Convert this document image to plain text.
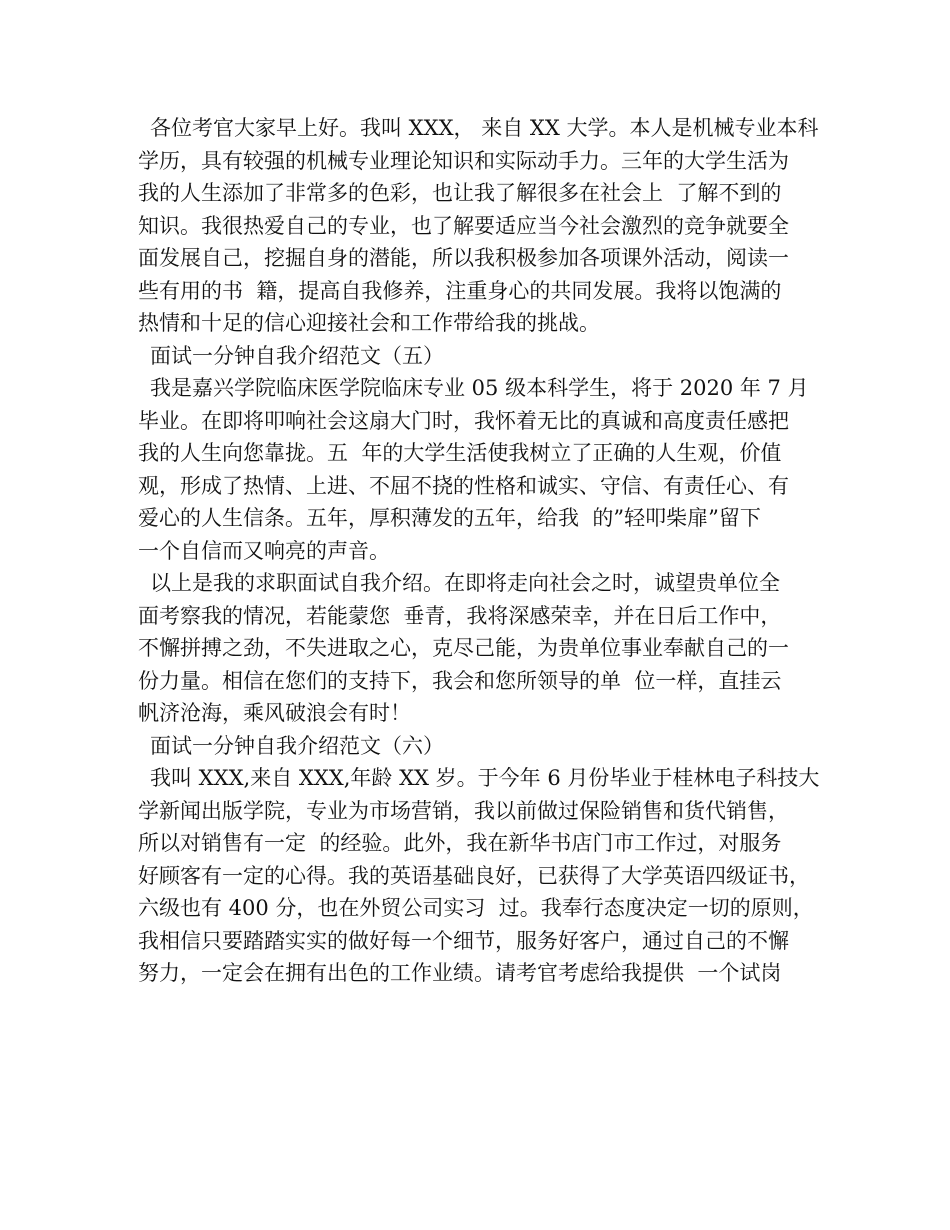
各位考官大家早上好。我叫 XXX， 来自 XX 大学。本人是机械专业本科
学历，具有较强的机械专业理论知识和实际动手力。三年的大学生活为
我的人生添加了非常多的色彩，也让我了解很多在社会上  了解不到的
知识。我很热爱自己的专业，也了解要适应当今社会激烈的竞争就要全
面发展自己，挖掘自身的潜能，所以我积极参加各项课外活动，阅读一
些有用的书  籍，提高自我修养，注重身心的共同发展。我将以饱满的
热情和十足的信心迎接社会和工作带给我的挑战。
面试一分钟自我介绍范文（五）
我是嘉兴学院临床医学院临床专业 05 级本科学生，将于 2020 年 7 月
毕业。在即将叩响社会这扇大门时，我怀着无比的真诚和高度责任感把
我的人生向您靠拢。五  年的大学生活使我树立了正确的人生观，价值
观，形成了热情、上进、不屈不挠的性格和诚实、守信、有责任心、有
爱心的人生信条。五年，厚积薄发的五年，给我  的”轻叩柴扉”留下
一个自信而又响亮的声音。
以上是我的求职面试自我介绍。在即将走向社会之时，诚望贵单位全
面考察我的情况，若能蒙您  垂青，我将深感荣幸，并在日后工作中，
不懈拼搏之劲，不失进取之心，克尽己能，为贵单位事业奉献自己的一
份力量。相信在您们的支持下，我会和您所领导的单  位一样，直挂云
帆济沧海，乘风破浪会有时！
面试一分钟自我介绍范文（六）
我叫 XXX,来自 XXX,年龄 XX 岁。于今年 6 月份毕业于桂林电子科技大
学新闻出版学院，专业为市场营销，我以前做过保险销售和货代销售，
所以对销售有一定  的经验。此外，我在新华书店门市工作过，对服务
好顾客有一定的心得。我的英语基础良好，已获得了大学英语四级证书，
六级也有 400 分，也在外贸公司实习  过。我奉行态度决定一切的原则，
我相信只要踏踏实实的做好每一个细节，服务好客户，通过自己的不懈
努力，一定会在拥有出色的工作业绩。请考官考虑给我提供  一个试岗
